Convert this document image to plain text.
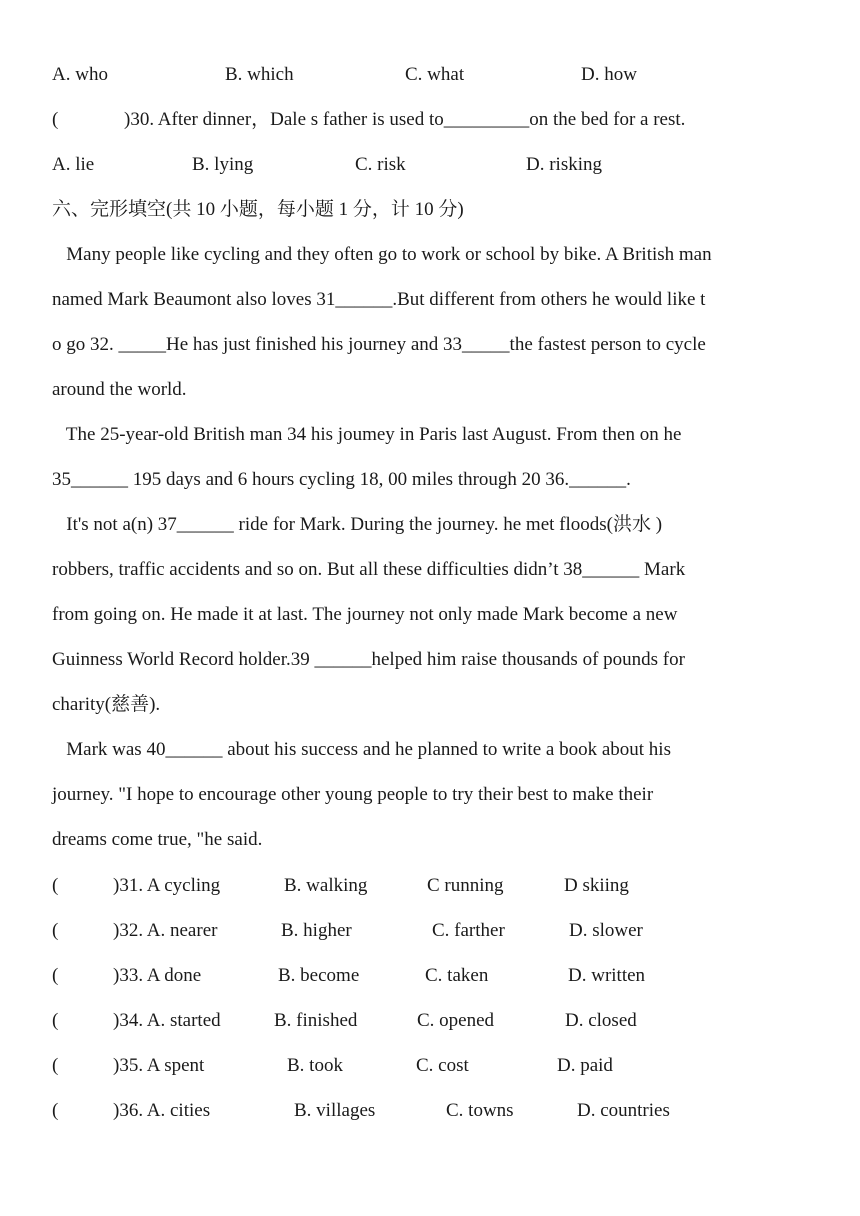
A. who	B. which	C. what	D. how
(	)30. After dinner，Dale s father is used to_________on the bed for a rest.
A. lie	B. lying	C. risk	D. risking
六、完形填空(共 10 小题，每小题 1 分，计 10 分)
Many people like cycling and they often go to work or school by bike. A British man
named Mark Beaumont also loves 31______.But different from others he would like t
o go 32. _____He has just finished his journey and 33_____the fastest person to cycle
around the world.
The 25-year-old British man 34 his joumey in Paris last August. From then on he
35______ 195 days and 6 hours cycling 18, 00 miles through 20 36.______.
It's not a(n) 37______ ride for Mark. During the journey. he met floods(洪水 )
robbers, traffic accidents and so on. But all these difficulties didn’t 38______ Mark
from going on. He made it at last. The journey not only made Mark become a new
Guinness World Record holder.39 ______helped him raise thousands of pounds for
charity(慈善).
Mark was 40______ about his success and he planned to write a book about his
journey. "I hope to encourage other young people to try their best to make their
dreams come true, "he said.
(	)31. A cycling	B. walking	C running	D skiing
(	)32. A. nearer	B. higher	C. farther	D. slower
(	)33. A done	B. become	C. taken	D. written
(	)34. A. started	B. finished	C. opened	D. closed
(	)35. A spent	B. took	C. cost	D. paid
(	)36. A. cities	B. villages	C. towns	D. countries
